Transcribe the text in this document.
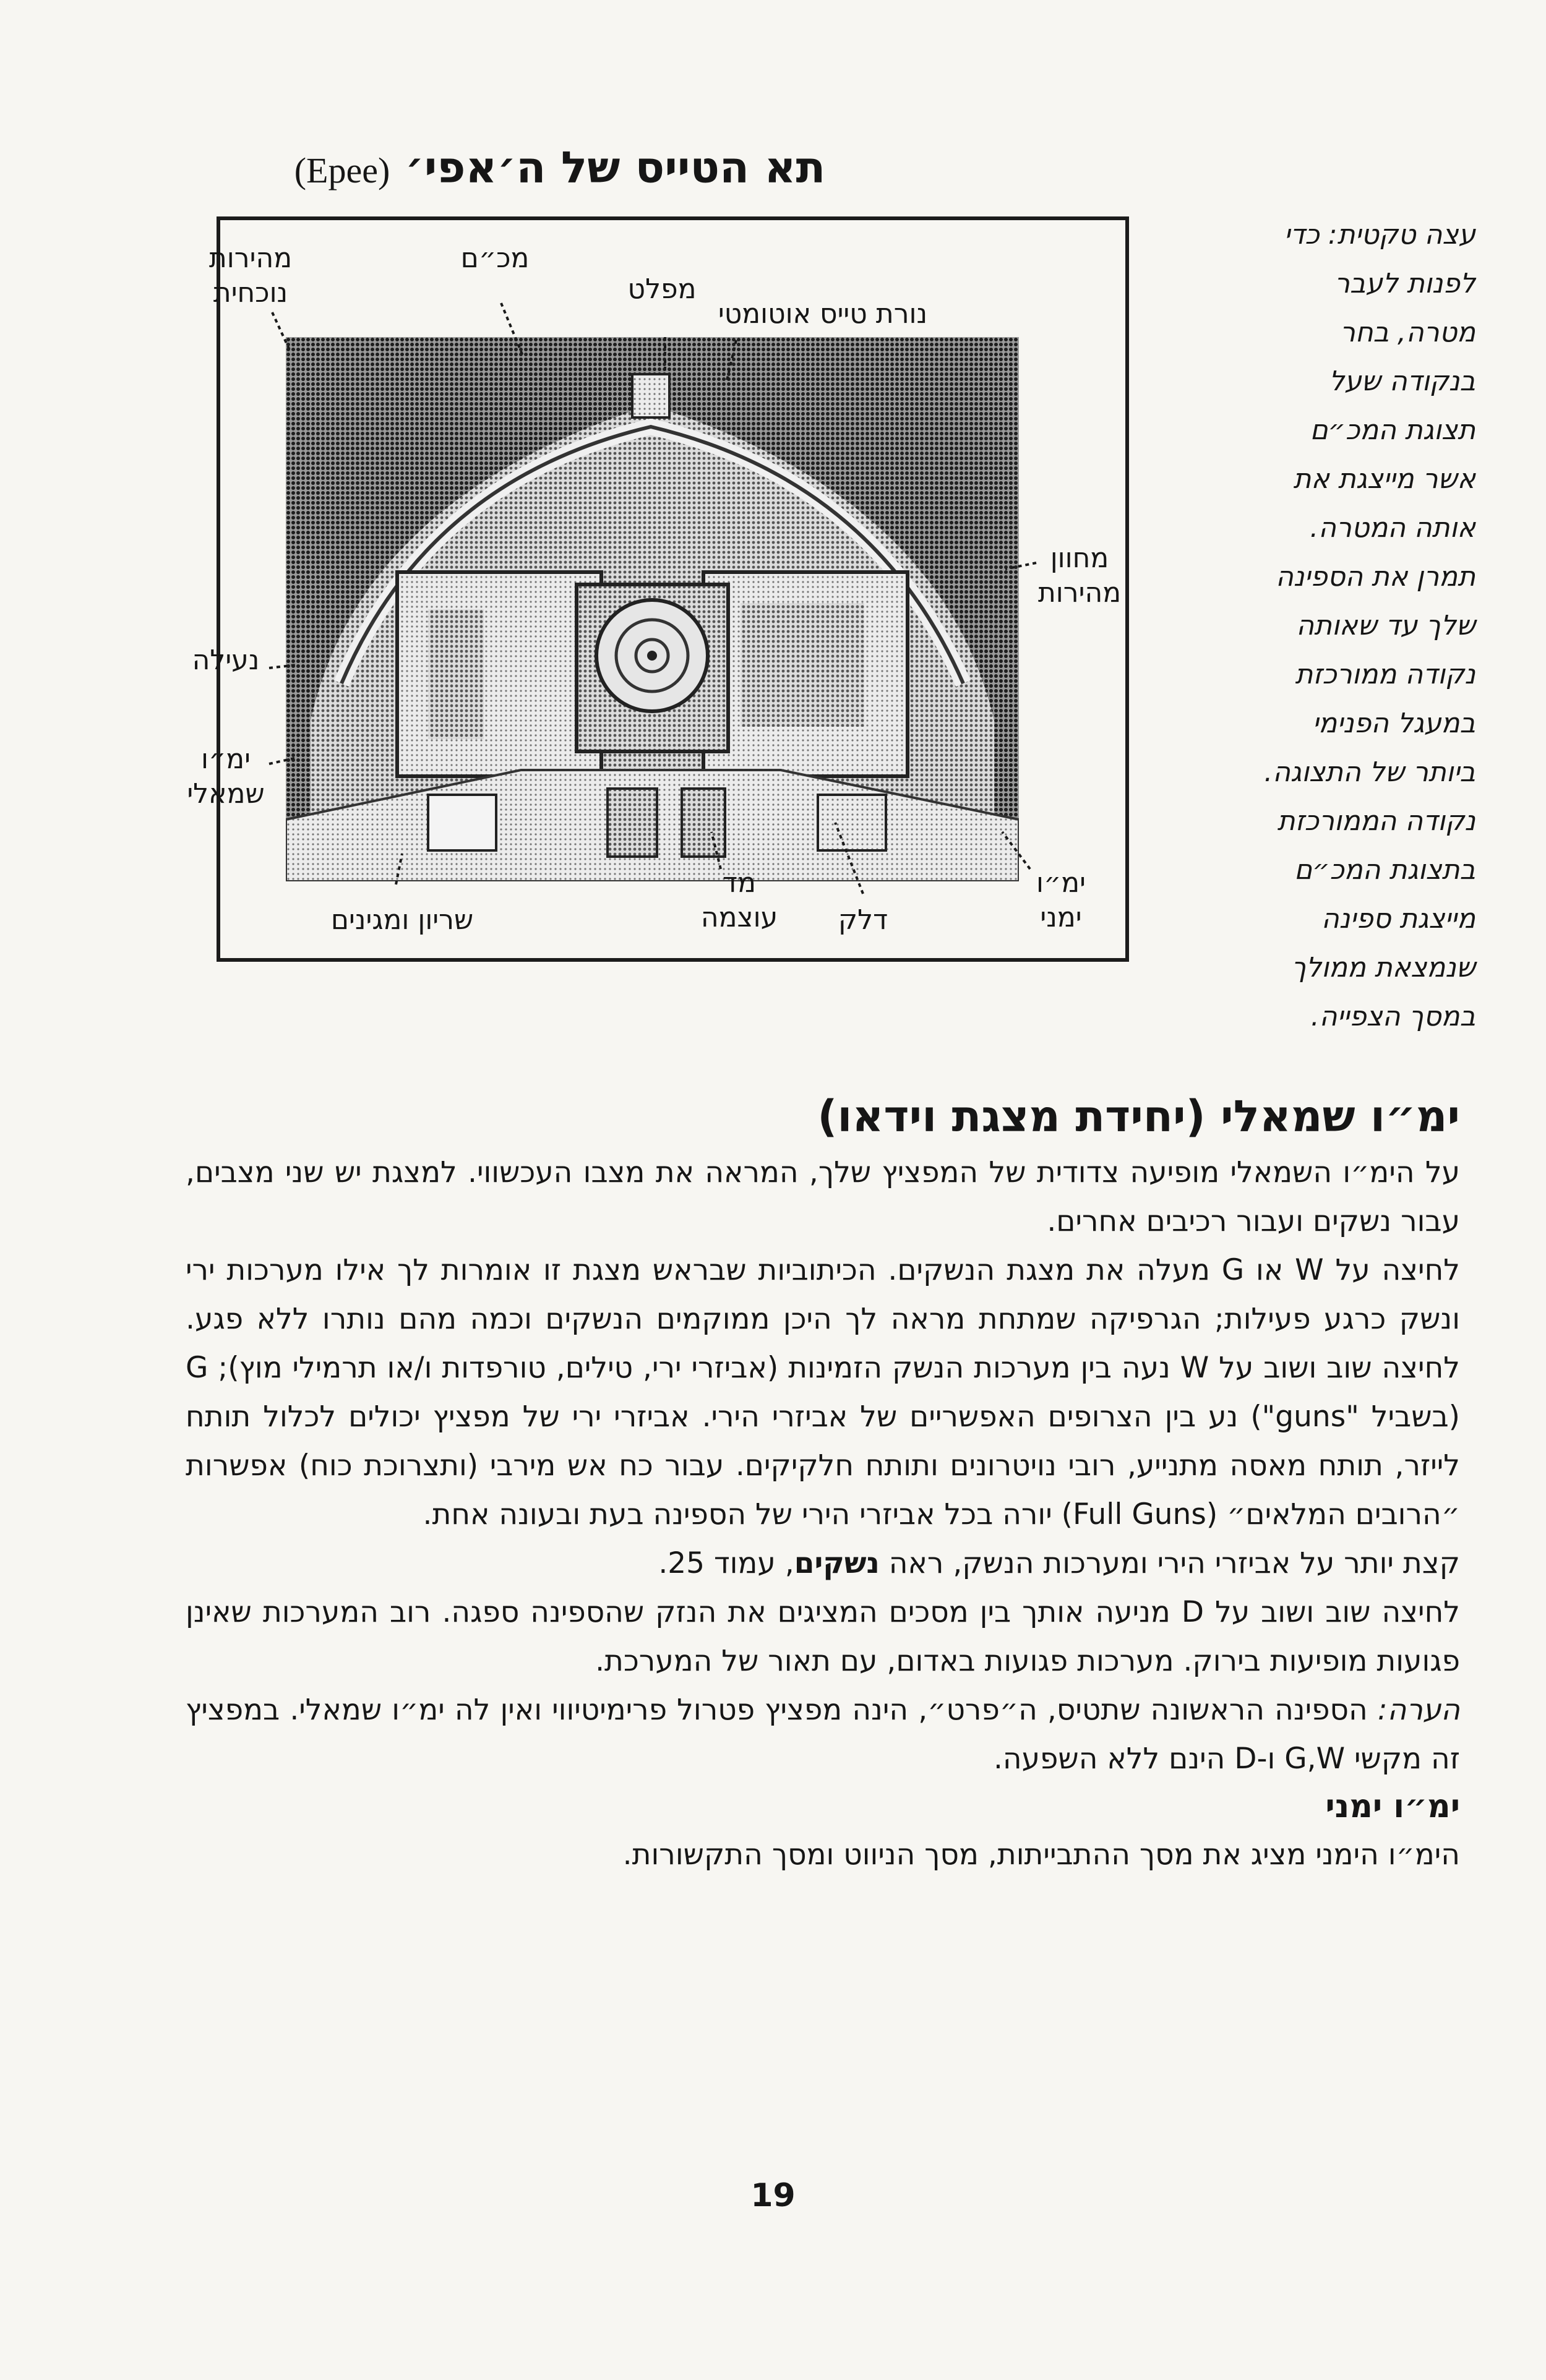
תא הטייס של ה׳אפי׳ (Epee)
מהירות
נוכחית
מכ״ם
מפלט
נורת טייס אוטומטי
מחוון
מהירות
נעילה
ימ״ו
שמאלי
ימ״ו
ימני
שריון ומגינים
מד
עוצמה	דלק

עצה טקטית: כדי

לפנות לעבר

מטרה, בחר

בנקודה שעל

תצוגת המכ״ם

אשר מייצגת את

אותה המטרה.

תמרן את הספינה

שלך עד שאותה

נקודה ממורכזת

במעגל הפנימי

ביותר של התצוגה.

נקודה הממורכזת

בתצוגת המכ״ם

מייצגת ספינה

שנמצאת ממולך

במסך הצפייה.

ימ״ו שמאלי (יחידת מצגת וידאו)

על הימ״ו השמאלי מופיעה צדודית של המפציץ שלך, המראה את מצבו העכשווי. למצגת יש שני מצבים, עבור נשקים ועבור רכיבים אחרים.

לחיצה על W או G מעלה את מצגת הנשקים. הכיתוביות שבראש מצגת זו אומרות לך אילו מערכות ירי ונשק כרגע פעילות; הגרפיקה שמתחת מראה לך היכן ממוקמים הנשקים וכמה מהם נותרו ללא פגע. לחיצה שוב ושוב על W נעה בין מערכות הנשק הזמינות (אביזרי ירי, טילים, טורפדות ו/או תרמילי מוץ); G (בשביל "guns") נע בין הצרופים האפשריים של אביזרי הירי. אביזרי ירי של מפציץ יכולים לכלול תותח לייזר, תותח מאסה מתנייע, רובי נויטרונים ותותח חלקיקים. עבור כח אש מירבי (ותצרוכת כוח) אפשרות ״הרובים המלאים״ (Full Guns) יורה בכל אביזרי הירי של הספינה בעת ובעונה אחת.

קצת יותר על אביזרי הירי ומערכות הנשק, ראה נשקים, עמוד 25.

לחיצה שוב ושוב על D מניעה אותך בין מסכים המציגים את הנזק שהספינה ספגה. רוב המערכות שאינן פגועות מופיעות בירוק. מערכות פגועות באדום, עם תאור של המערכת.

הערה: הספינה הראשונה שתטיס, ה״פרט״, הינה מפציץ פטרול פרימיטיווי ואין לה ימ״ו שמאלי. במפציץ זה מקשי G,W ו-D הינם ללא השפעה.

ימ״ו ימני

הימ״ו הימני מציג את מסך ההתבייתות, מסך הניווט ומסך התקשורות.

19
